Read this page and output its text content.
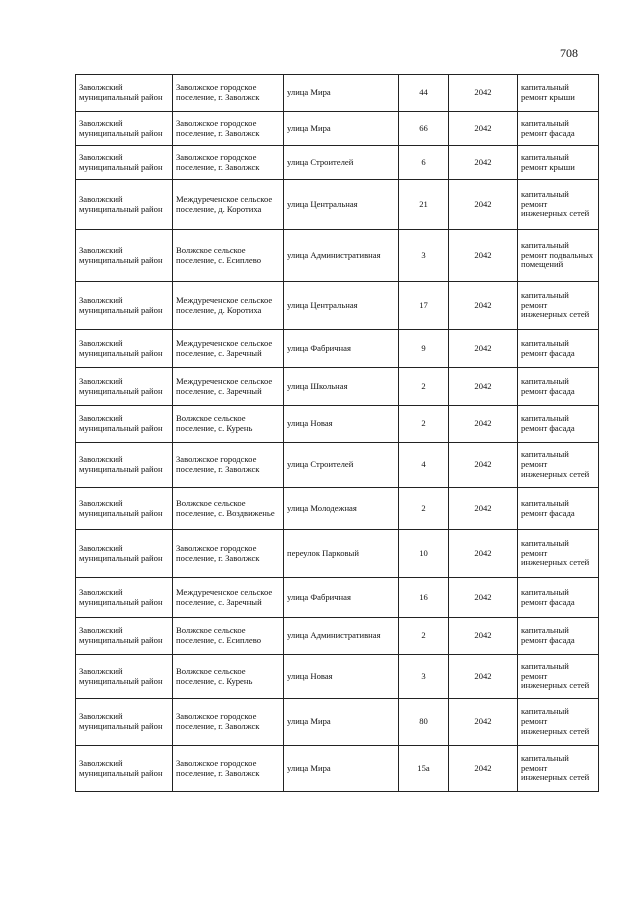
708
Заволжский муниципальный район	Заволжское городское поселение, г. Заволжск	улица Мира	44	2042	капитальный ремонт крыши
Заволжский муниципальный район	Заволжское городское поселение, г. Заволжск	улица Мира	66	2042	капитальный ремонт фасада
Заволжский муниципальный район	Заволжское городское поселение, г. Заволжск	улица Строителей	6	2042	капитальный ремонт крыши
Заволжский муниципальный район	Междуреченское сельское поселение, д. Коротиха	улица Центральная	21	2042	капитальный ремонт инженерных сетей
Заволжский муниципальный район	Волжское сельское поселение, с. Есиплево	улица Административная	3	2042	капитальный ремонт подвальных помещений
Заволжский муниципальный район	Междуреченское сельское поселение, д. Коротиха	улица Центральная	17	2042	капитальный ремонт инженерных сетей
Заволжский муниципальный район	Междуреченское сельское поселение, с. Заречный	улица Фабричная	9	2042	капитальный ремонт фасада
Заволжский муниципальный район	Междуреченское сельское поселение, с. Заречный	улица Школьная	2	2042	капитальный ремонт фасада
Заволжский муниципальный район	Волжское сельское поселение, с. Курень	улица Новая	2	2042	капитальный ремонт фасада
Заволжский муниципальный район	Заволжское городское поселение, г. Заволжск	улица Строителей	4	2042	капитальный ремонт инженерных сетей
Заволжский муниципальный район	Волжское сельское поселение, с. Воздвиженье	улица Молодежная	2	2042	капитальный ремонт фасада
Заволжский муниципальный район	Заволжское городское поселение, г. Заволжск	переулок Парковый	10	2042	капитальный ремонт инженерных сетей
Заволжский муниципальный район	Междуреченское сельское поселение, с. Заречный	улица Фабричная	16	2042	капитальный ремонт фасада
Заволжский муниципальный район	Волжское сельское поселение, с. Есиплево	улица Административная	2	2042	капитальный ремонт фасада
Заволжский муниципальный район	Волжское сельское поселение, с. Курень	улица Новая	3	2042	капитальный ремонт инженерных сетей
Заволжский муниципальный район	Заволжское городское поселение, г. Заволжск	улица Мира	80	2042	капитальный ремонт инженерных сетей
Заволжский муниципальный район	Заволжское городское поселение, г. Заволжск	улица Мира	15а	2042	капитальный ремонт инженерных сетей
